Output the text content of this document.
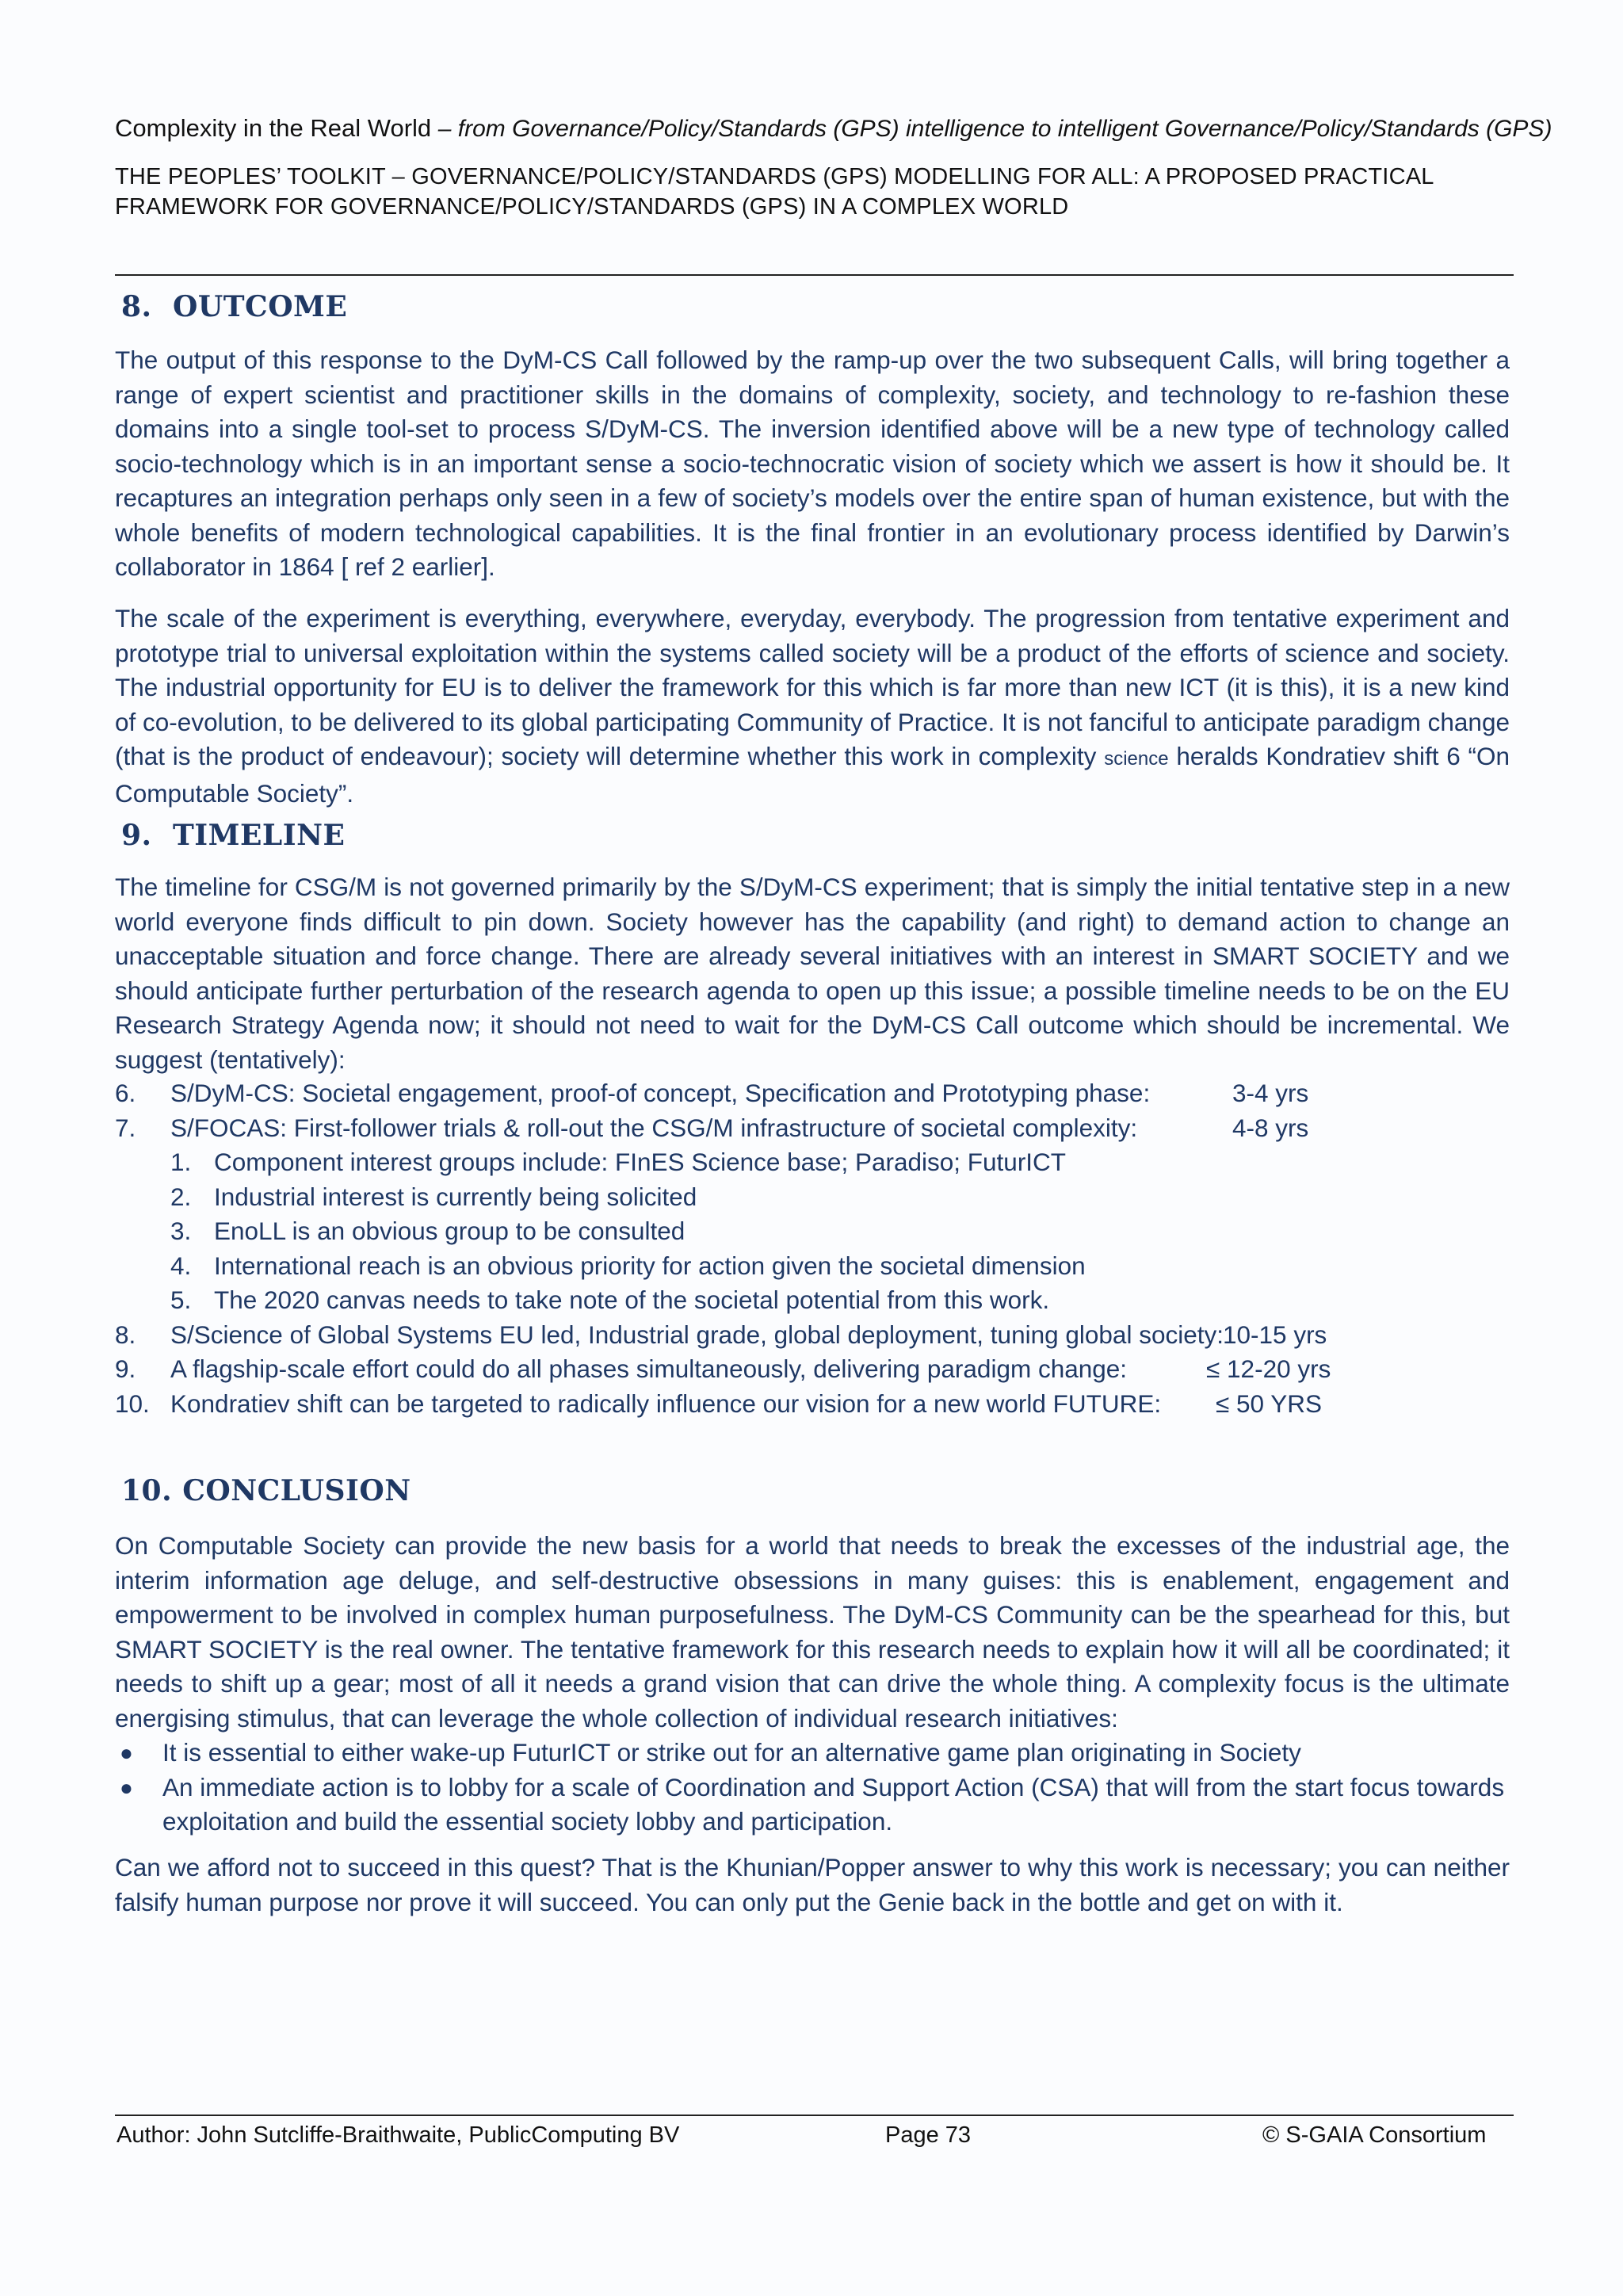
Complexity in the Real World – from Governance/Policy/Standards (GPS) intelligence to intelligent Governance/Policy/Standards (GPS)
THE PEOPLES’ TOOLKIT – GOVERNANCE/POLICY/STANDARDS (GPS) MODELLING FOR ALL: A PROPOSED PRACTICAL FRAMEWORK FOR GOVERNANCE/POLICY/STANDARDS (GPS) IN A COMPLEX WORLD
8. OUTCOME
The output of this response to the DyM-CS Call followed by the ramp-up over the two subsequent Calls, will bring together a range of expert scientist and practitioner skills in the domains of complexity, society, and technology to re-fashion these domains into a single tool-set to process S/DyM-CS. The inversion identified above will be a new type of technology called socio-technology which is in an important sense a socio-technocratic vision of society which we assert is how it should be. It recaptures an integration perhaps only seen in a few of society’s models over the entire span of human existence, but with the whole benefits of modern technological capabilities. It is the final frontier in an evolutionary process identified by Darwin’s collaborator in 1864 [ ref 2 earlier].
The scale of the experiment is everything, everywhere, everyday, everybody. The progression from tentative experiment and prototype trial to universal exploitation within the systems called society will be a product of the efforts of science and society. The industrial opportunity for EU is to deliver the framework for this which is far more than new ICT (it is this), it is a new kind of co-evolution, to be delivered to its global participating Community of Practice. It is not fanciful to anticipate paradigm change (that is the product of endeavour); society will determine whether this work in complexity science heralds Kondratiev shift 6 “On Computable Society”.
9. TIMELINE
The timeline for CSG/M is not governed primarily by the S/DyM-CS experiment; that is simply the initial tentative step in a new world everyone finds difficult to pin down. Society however has the capability (and right) to demand action to change an unacceptable situation and force change. There are already several initiatives with an interest in SMART SOCIETY and we should anticipate further perturbation of the research agenda to open up this issue; a possible timeline needs to be on the EU Research Strategy Agenda now; it should not need to wait for the DyM-CS Call outcome which should be incremental. We suggest (tentatively):
6. S/DyM-CS: Societal engagement, proof-of concept, Specification and Prototyping phase:	3-4 yrs
7. S/FOCAS: First-follower trials & roll-out the CSG/M infrastructure of societal complexity:	4-8 yrs
1. Component interest groups include: FInES Science base; Paradiso; FuturICT
2. Industrial interest is currently being solicited
3. EnoLL is an obvious group to be consulted
4. International reach is an obvious priority for action given the societal dimension
5. The 2020 canvas needs to take note of the societal potential from this work.
8. S/Science of Global Systems EU led, Industrial grade, global deployment, tuning global society: 10-15 yrs
9. A flagship-scale effort could do all phases simultaneously, delivering paradigm change:	≤ 12-20 yrs
10. Kondratiev shift can be targeted to radically influence our vision for a new world FUTURE: ≤ 50 YRS
10. CONCLUSION
On Computable Society can provide the new basis for a world that needs to break the excesses of the industrial age, the interim information age deluge, and self-destructive obsessions in many guises: this is enablement, engagement and empowerment to be involved in complex human purposefulness. The DyM-CS Community can be the spearhead for this, but SMART SOCIETY is the real owner. The tentative framework for this research needs to explain how it will all be coordinated; it needs to shift up a gear; most of all it needs a grand vision that can drive the whole thing. A complexity focus is the ultimate energising stimulus, that can leverage the whole collection of individual research initiatives:
● It is essential to either wake-up FuturICT or strike out for an alternative game plan originating in Society
● An immediate action is to lobby for a scale of Coordination and Support Action (CSA) that will from the start focus towards exploitation and build the essential society lobby and participation.
Can we afford not to succeed in this quest? That is the Khunian/Popper answer to why this work is necessary; you can neither falsify human purpose nor prove it will succeed. You can only put the Genie back in the bottle and get on with it.
Author: John Sutcliffe-Braithwaite, PublicComputing BV	Page 73	© S-GAIA Consortium
